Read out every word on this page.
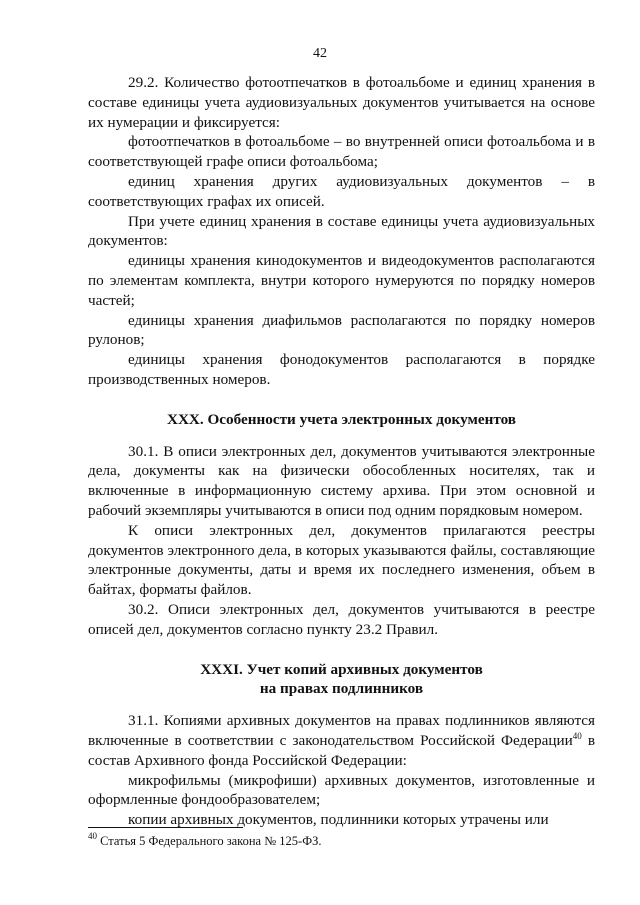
42

29.2. Количество фотоотпечатков в фотоальбоме и единиц хранения в составе единицы учета аудиовизуальных документов учитывается на основе их нумерации и фиксируется:

фотоотпечатков в фотоальбоме – во внутренней описи фотоальбома и в соответствующей графе описи фотоальбома;

единиц хранения других аудиовизуальных документов – в соответствующих графах их описей.

При учете единиц хранения в составе единицы учета аудиовизуальных документов:

единицы хранения кинодокументов и видеодокументов располагаются по элементам комплекта, внутри которого нумеруются по порядку номеров частей;

единицы хранения диафильмов располагаются по порядку номеров рулонов;

единицы хранения фонодокументов располагаются в порядке производственных номеров.

XXX. Особенности учета электронных документов

30.1. В описи электронных дел, документов учитываются электронные дела, документы как на физически обособленных носителях, так и включенные в информационную систему архива. При этом основной и рабочий экземпляры учитываются в описи под одним порядковым номером.

К описи электронных дел, документов прилагаются реестры документов электронного дела, в которых указываются файлы, составляющие электронные документы, даты и время их последнего изменения, объем в байтах, форматы файлов.

30.2. Описи электронных дел, документов учитываются в реестре описей дел, документов согласно пункту 23.2 Правил.

XXXI. Учет копий архивных документов
на правах подлинников

31.1. Копиями архивных документов на правах подлинников являются включенные в соответствии с законодательством Российской Федерации$^{40}$ в состав Архивного фонда Российской Федерации:

микрофильмы (микрофиши) архивных документов, изготовленные и оформленные фондообразователем;

копии архивных документов, подлинники которых утрачены или

$^{40}$ Статья 5 Федерального закона № 125-ФЗ.
